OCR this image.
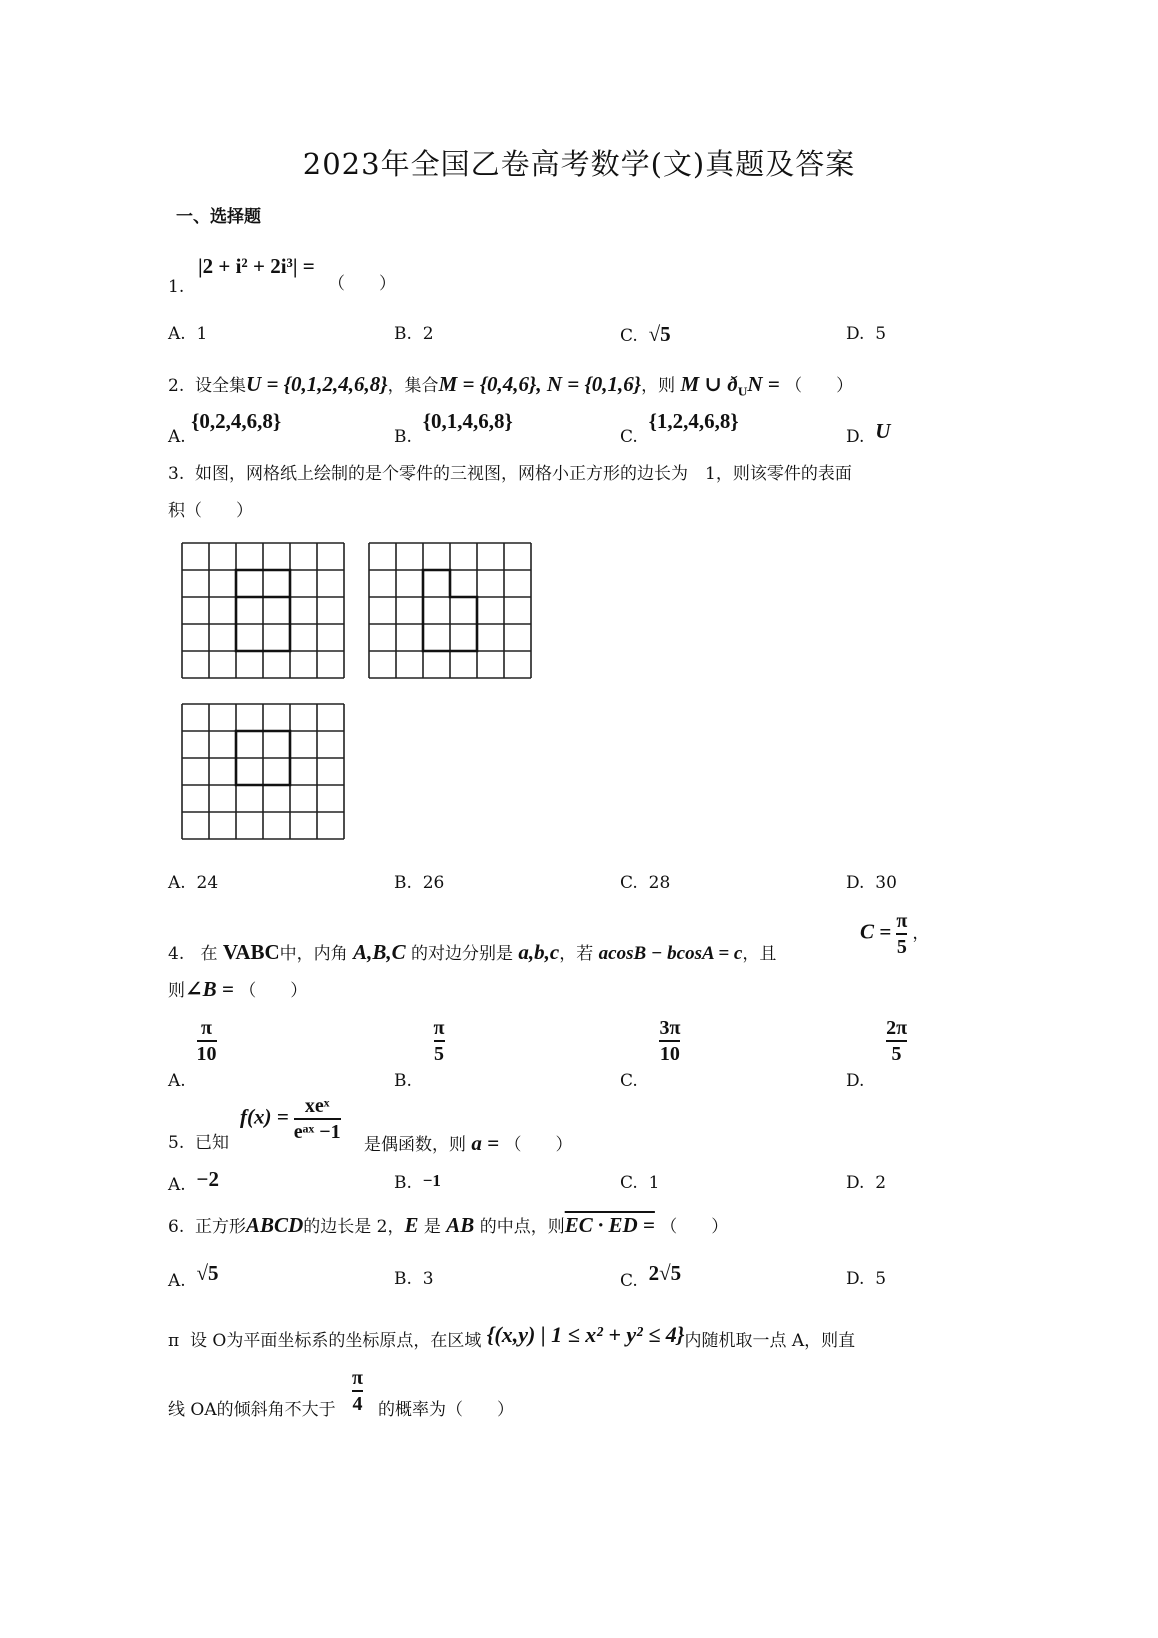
2023年全国乙卷高考数学(文)真题及答案
一、选择题
1.
|2 + i² + 2i³| =
（　　）
A. 1	B. 2	C. √5	D. 5
2. 设全集U = {0,1,2,4,6,8}，集合M = {0,4,6}, N = {0,1,6}，则 M ∪ $ð_UN$ = （　　）
A. {0,2,4,6,8}
B.  {0,1,4,6,8}
C.  {1,2,4,6,8}
D. U
3. 如图，网格纸上绘制的是个零件的三视图，网格小正方形的边长为　1，则该零件的表面
积（　　）
A. 24	B. 26	C. 28	D. 30
4. 在 VABC中，内角 A,B,C 的对边分别是 a,b,c，若 acosB − bcosA = c，且
$C = \frac{\pi}{5}$ ，
则∠B = （　　）
A.
$\frac{\pi}{10}$
B.
$\frac{\pi}{5}$
C.
$\frac{3\pi}{10}$
D.
$\frac{2\pi}{5}$
5. 已知
$f(x) = \frac{\text{xeˣ}}{\text{eᵃˣ −1}}$
是偶函数，则 a = （　　）
A. −2	B. −1	C. 1	D. 2
6. 正方形ABCD的边长是 2，E 是 AB 的中点，则EC · ED = （　　）
A. √5	B. 3	C. 2√5	D. 5
π 设 O为平面坐标系的坐标原点，在区域 {(x,y) | 1 ≤ x² + y² ≤ 4}内随机取一点 A，则直
线 OA的倾斜角不大于 $\frac{\pi}{4}$ 的概率为（　　）
